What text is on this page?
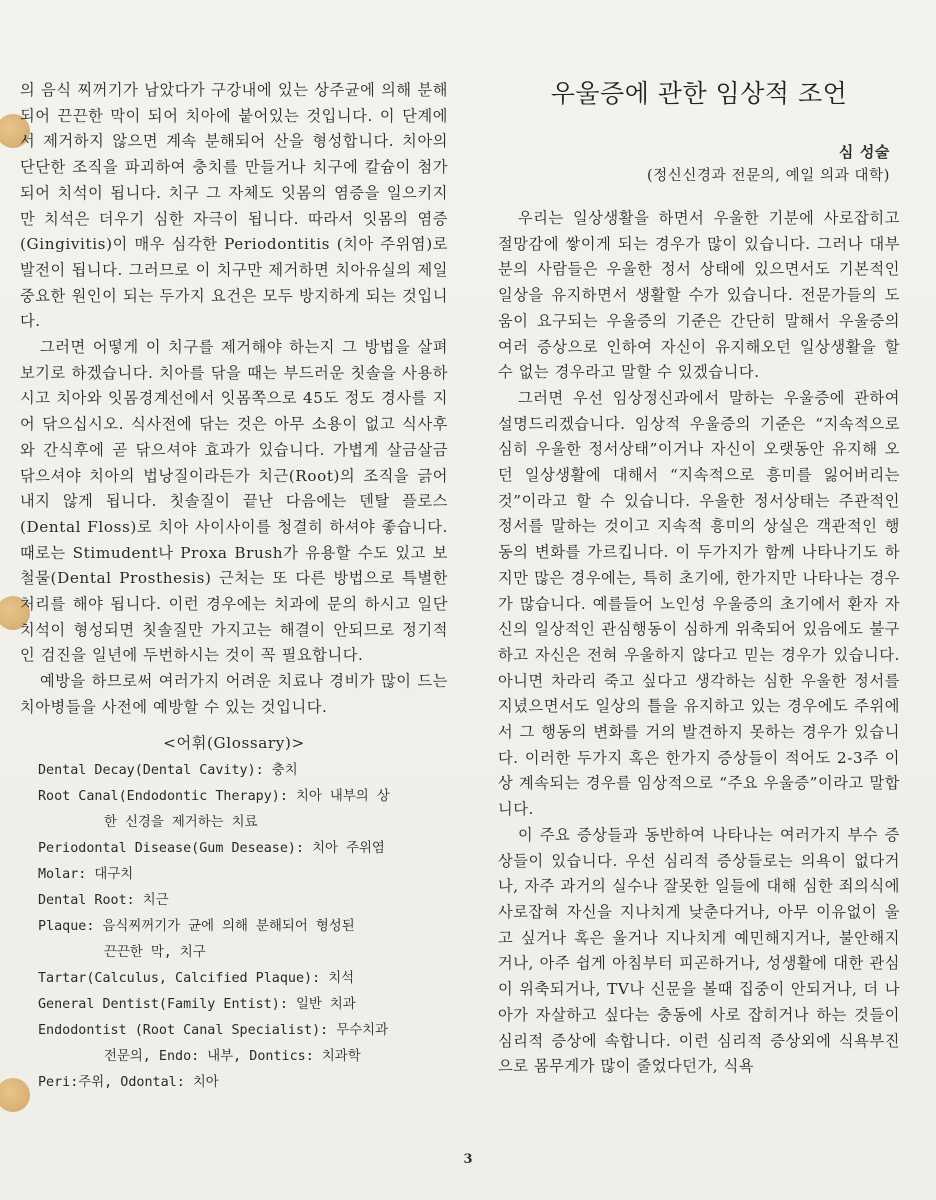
의 음식 찌꺼기가 남았다가 구강내에 있는 상주균에 의해 분해되어 끈끈한 막이 되어 치아에 붙어있는 것입니다. 이 단계에서 제거하지 않으면 계속 분해되어 산을 형성합니다. 치아의 단단한 조직을 파괴하여 충치를 만들거나 치구에 칼슘이 첨가되어 치석이 됩니다. 치구 그 자체도 잇몸의 염증을 일으키지만 치석은 더우기 심한 자극이 됩니다. 따라서 잇몸의 염증(Gingivitis)이 매우 심각한 Periodontitis (치아 주위염)로 발전이 됩니다. 그러므로 이 치구만 제거하면 치아유실의 제일 중요한 원인이 되는 두가지 요건은 모두 방지하게 되는 것입니다.

그러면 어떻게 이 치구를 제거해야 하는지 그 방법을 살펴 보기로 하겠습니다. 치아를 닦을 때는 부드러운 칫솔을 사용하시고 치아와 잇몸경계선에서 잇몸쪽으로 45도 정도 경사를 지어 닦으십시오. 식사전에 닦는 것은 아무 소용이 없고 식사후와 간식후에 곧 닦으셔야 효과가 있습니다. 가볍게 살금살금 닦으셔야 치아의 법낭질이라든가 치근(Root)의 조직을 긁어내지 않게 됩니다. 칫솔질이 끝난 다음에는 덴탈 플로스(Dental Floss)로 치아 사이사이를 청결히 하셔야 좋습니다. 때로는 Stimudent나 Proxa Brush가 유용할 수도 있고 보철물(Dental Prosthesis) 근처는 또 다른 방법으로 특별한 처리를 해야 됩니다. 이런 경우에는 치과에 문의 하시고 일단 치석이 형성되면 칫솔질만 가지고는 해결이 안되므로 정기적인 검진을 일년에 두번하시는 것이 꼭 필요합니다.

예방을 하므로써 여러가지 어려운 치료나 경비가 많이 드는 치아병들을 사전에 예방할 수 있는 것입니다.

<어휘(Glossary)>
Dental Decay(Dental Cavity): 충치
Root Canal(Endodontic Therapy): 치아 내부의 상
한 신경을 제거하는 치료
Periodontal Disease(Gum Desease): 치아 주위염
Molar: 대구치
Dental Root: 치근
Plaque: 음식찌꺼기가 균에 의해 분해되어 형성된
끈끈한 막, 치구
Tartar(Calculus, Calcified Plaque): 치석
General Dentist(Family Entist): 일반 치과
Endodontist (Root Canal Specialist): 무수치과
전문의, Endo: 내부, Dontics: 치과학
Peri:주위, Odontal: 치아
우울증에 관한 임상적 조언
심 성술
(정신신경과 전문의, 예일 의과 대학)

우리는 일상생활을 하면서 우울한 기분에 사로잡히고 절망감에 쌓이게 되는 경우가 많이 있습니다. 그러나 대부분의 사람들은 우울한 정서 상태에 있으면서도 기본적인 일상을 유지하면서 생활할 수가 있습니다. 전문가들의 도움이 요구되는 우울증의 기준은 간단히 말해서 우울증의 여러 증상으로 인하여 자신이 유지해오던 일상생활을 할 수 없는 경우라고 말할 수 있겠습니다.

그러면 우선 임상정신과에서 말하는 우울증에 관하여 설명드리겠습니다. 임상적 우울증의 기준은 “지속적으로 심히 우울한 정서상태”이거나 자신이 오랫동안 유지해 오던 일상생활에 대해서 “지속적으로 흥미를 잃어버리는 것”이라고 할 수 있습니다. 우울한 정서상태는 주관적인 정서를 말하는 것이고 지속적 흥미의 상실은 객관적인 행동의 변화를 가르킵니다. 이 두가지가 함께 나타나기도 하지만 많은 경우에는, 특히 초기에, 한가지만 나타나는 경우가 많습니다. 예를들어 노인성 우울증의 초기에서 환자 자신의 일상적인 관심행동이 심하게 위축되어 있음에도 불구하고 자신은 전혀 우울하지 않다고 믿는 경우가 있습니다. 아니면 차라리 죽고 싶다고 생각하는 심한 우울한 정서를 지녔으면서도 일상의 틀을 유지하고 있는 경우에도 주위에서 그 행동의 변화를 거의 발견하지 못하는 경우가 있습니다. 이러한 두가지 혹은 한가지 증상들이 적어도 2-3주 이상 계속되는 경우를 임상적으로 “주요 우울증”이라고 말합니다.

이 주요 증상들과 동반하여 나타나는 여러가지 부수 증상들이 있습니다. 우선 심리적 증상들로는 의욕이 없다거나, 자주 과거의 실수나 잘못한 일들에 대해 심한 죄의식에 사로잡혀 자신을 지나치게 낮춘다거나, 아무 이유없이 울고 싶거나 혹은 울거나 지나치게 예민해지거나, 불안해지거나, 아주 쉽게 아침부터 피곤하거나, 성생활에 대한 관심이 위축되거나, TV나 신문을 볼때 집중이 안되거나, 더 나아가 자살하고 싶다는 충동에 사로 잡히거나 하는 것들이 심리적 증상에 속합니다. 이런 심리적 증상외에 식욕부진으로 몸무게가 많이 줄었다던가, 식욕

3
